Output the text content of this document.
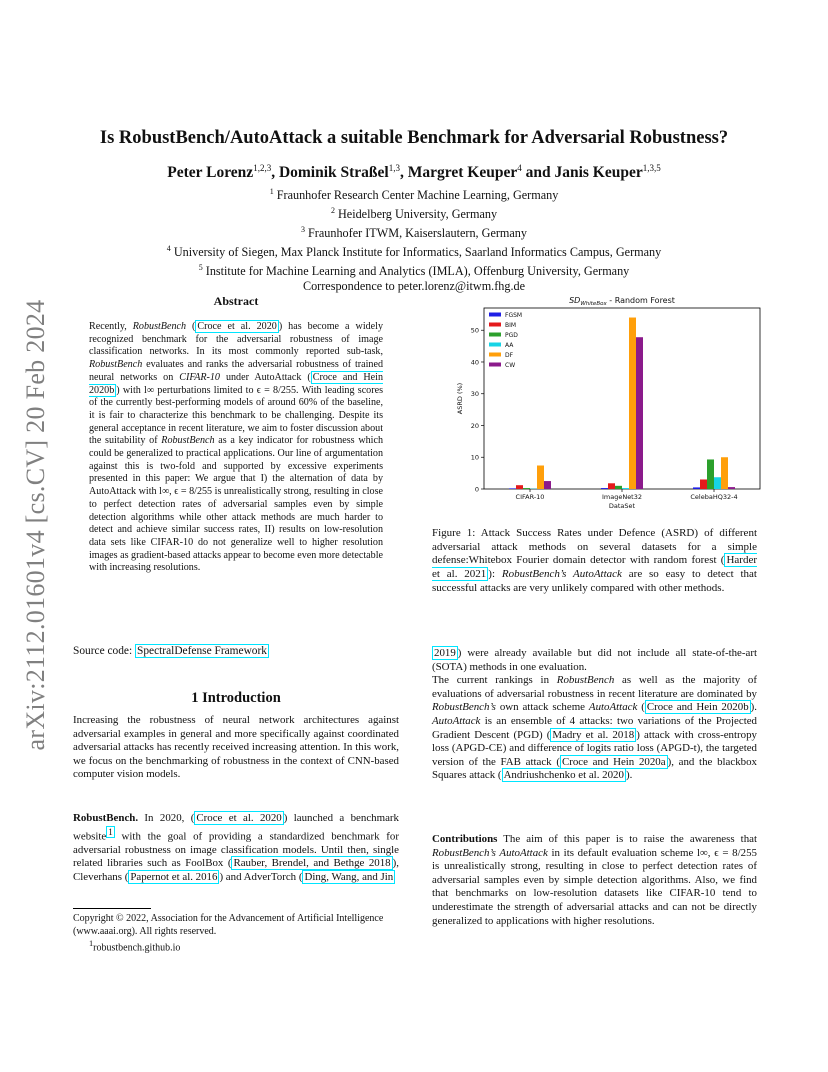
arXiv:2112.01601v4 [cs.CV] 20 Feb 2024
Is RobustBench/AutoAttack a suitable Benchmark for Adversarial Robustness?
Peter Lorenz$^{1,2,3}$, Dominik Straßel$^{1,3}$, Margret Keuper$^4$ and Janis Keuper$^{1,3,5}$
$^1$ Fraunhofer Research Center Machine Learning, Germany
$^2$ Heidelberg University, Germany
$^3$ Fraunhofer ITWM, Kaiserslautern, Germany
$^4$ University of Siegen, Max Planck Institute for Informatics, Saarland Informatics Campus, Germany
$^5$ Institute for Machine Learning and Analytics (IMLA), Offenburg University, Germany
Correspondence to peter.lorenz@itwm.fhg.de
Abstract
Recently, RobustBench ( Croce et al. 2020 ) has become a widely recognized benchmark for the adversarial robustness of image classification networks. In its most commonly reported sub-task, RobustBench evaluates and ranks the adversarial robustness of trained neural networks on CIFAR-10 under AutoAttack ( Croce and Hein 2020b ) with l∞ perturbations limited to ϵ = 8/255. With leading scores of the currently best-performing models of around 60% of the baseline, it is fair to characterize this benchmark to be challenging. Despite its general acceptance in recent literature, we aim to foster discussion about the suitability of RobustBench as a key indicator for robustness which could be generalized to practical applications. Our line of argumentation against this is two-fold and supported by excessive experiments presented in this paper: We argue that I) the alternation of data by AutoAttack with l∞, ϵ = 8/255 is unrealistically strong, resulting in close to perfect detection rates of adversarial samples even by simple detection algorithms while other attack methods are much harder to detect and achieve similar success rates, II) results on low-resolution data sets like CIFAR-10 do not generalize well to higher resolution images as gradient-based attacks appear to become even more detectable with increasing resolutions.
Source code: SpectralDefense Framework
1 Introduction
Increasing the robustness of neural network architectures against adversarial examples in general and more specifically against coordinated adversarial attacks has recently received increasing attention. In this work, we focus on the benchmarking of robustness in the context of CNN-based computer vision models.
RobustBench. In 2020, ( Croce et al. 2020 ) launched a benchmark website $^1$ with the goal of providing a standardized benchmark for adversarial robustness on image classification models. Until then, single related libraries such as FoolBox ( Rauber, Brendel, and Bethge 2018 ), Cleverhans ( Papernot et al. 2016 ) and AdverTorch ( Ding, Wang, and Jin
Copyright © 2022, Association for the Advancement of Artificial Intelligence (www.aaai.org). All rights reserved.
$^1$robustbench.github.io
$SD_{WhiteBox}$ - Random Forest
0
10
20
30
40
50
ASRD (%)
CIFAR-10	ImageNet32	CelebaHQ32-4
DataSet
FGSM
BIM
PGD
AA
DF
CW
Figure 1: Attack Success Rates under Defence (ASRD) of different adversarial attack methods on several datasets for a simple defense:Whitebox Fourier domain detector with random forest ( Harder et al. 2021 ): RobustBench’s AutoAttack are so easy to detect that successful attacks are very unlikely compared with other methods.
2019 ) were already available but did not include all state-of-the-art (SOTA) methods in one evaluation.
The current rankings in RobustBench as well as the majority of evaluations of adversarial robustness in recent literature are dominated by RobustBench’s own attack scheme AutoAttack ( Croce and Hein 2020b ). AutoAttack is an ensemble of 4 attacks: two variations of the Projected Gradient Descent (PGD) ( Madry et al. 2018 ) attack with cross-entropy loss (APGD-CE) and difference of logits ratio loss (APGD-t), the targeted version of the FAB attack ( Croce and Hein 2020a ), and the blackbox Squares attack ( Andriushchenko et al. 2020 ).
Contributions The aim of this paper is to raise the awareness that RobustBench’s AutoAttack in its default evaluation scheme l∞, ϵ = 8/255 is unrealistically strong, resulting in close to perfect detection rates of adversarial samples even by simple detection algorithms. Also, we find that benchmarks on low-resolution datasets like CIFAR-10 tend to underestimate the strength of adversarial attacks and can not be directly generalized to applications with higher resolutions.
